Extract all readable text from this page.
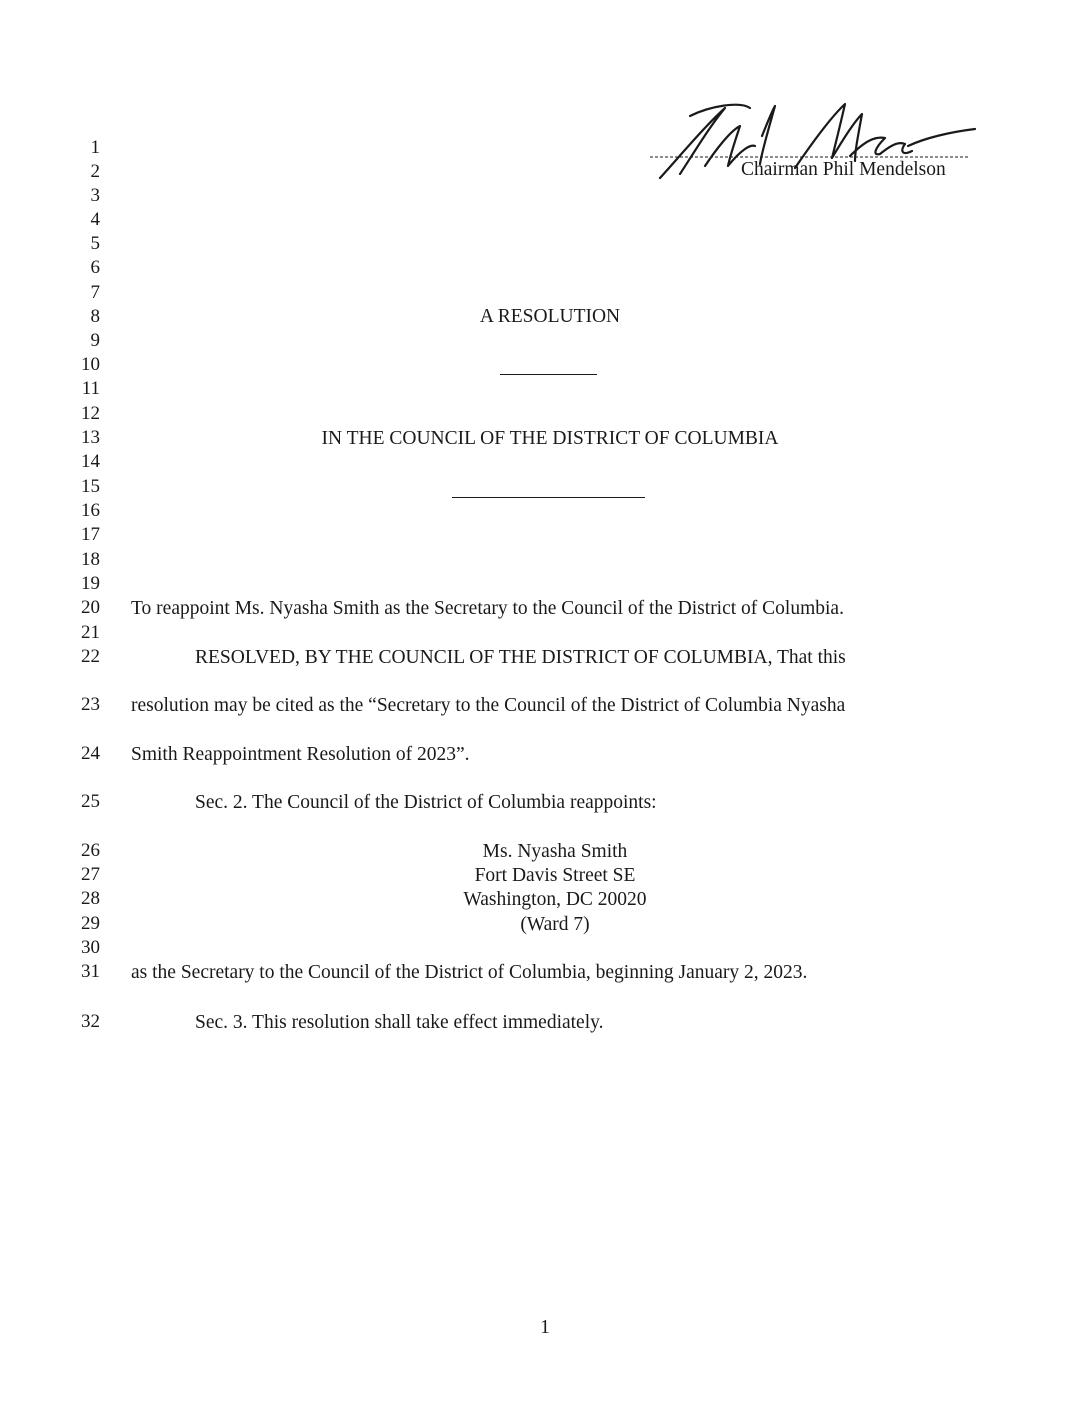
Chairman Phil Mendelson
1
2
3
4
5
6
7
8
9
10
11
12
13
14
15
16
17
18
19
20
21
22
23
24
25
26
27
28
29
30
31
32
A RESOLUTION
IN THE COUNCIL OF THE DISTRICT OF COLUMBIA
To reappoint Ms. Nyasha Smith as the Secretary to the Council of the District of Columbia.
RESOLVED, BY THE COUNCIL OF THE DISTRICT OF COLUMBIA, That this
resolution may be cited as the “Secretary to the Council of the District of Columbia Nyasha
Smith Reappointment Resolution of 2023”.
Sec. 2. The Council of the District of Columbia reappoints:
Ms. Nyasha Smith
Fort Davis Street SE
Washington, DC 20020
(Ward 7)
as the Secretary to the Council of the District of Columbia, beginning January 2, 2023.
Sec. 3. This resolution shall take effect immediately.
1
